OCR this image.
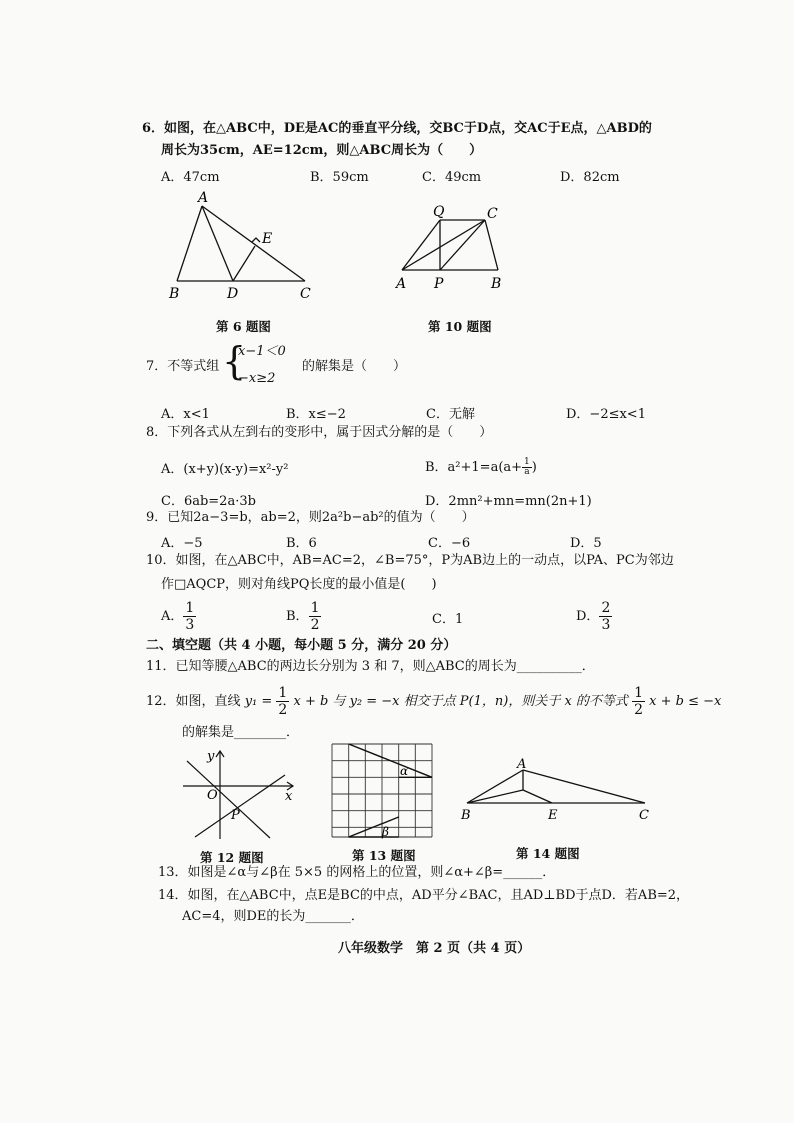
6．如图，在△ABC中，DE是AC的垂直平分线，交BC于D点，交AC于E点，△ABD的
周长为35cm，AE=12cm，则△ABC周长为（　　）
A．47cm	B．59cm	C．49cm	D．82cm
A
E
B	D	C
第 6 题图
Q	C
A P	B
第 10 题图
7．不等式组 {
x−1＜0
−x≥2
的解集是（　　）
A．x<1	B．x≤−2	C．无解	D．−2≤x<1
8．下列各式从左到右的变形中，属于因式分解的是（　　）
A．(x+y)(x-y)=x²-y²	B．$a^2+1=a(a+ \frac{1}{a}$ )
C．6ab=2a·3b	D．2mn²+mn=mn(2n+1)
9．已知2a−3=b，ab=2，则2a²b−ab²的值为（　　）
A．−5	B．6	C．−6	D．5
10．如图，在△ABC中，AB=AC=2，∠B=75°，P为AB边上的一动点，以PA、PC为邻边
作□AQCP，则对角线PQ长度的最小值是(　　)
A． $\frac{1}{3}$	B． $\frac{1}{2}$	C．1	D． $\frac{2}{3}$
二、填空题（共 4 小题，每小题 5 分，满分 20 分）
11．已知等腰△ABC的两边长分别为 3 和 7，则△ABC的周长为__________．
12．如图，直线 $y_1 = \frac{1}{2}$ x + b 与 y₂ = −x 相交于点 P(1，n)，则关于 x 的不等式 $\frac{1}{2}$ x + b ≤ −x
的解集是________．
y
x
O
P
第 12 题图
α
β
第 13 题图
A
B	E	C
第 14 题图
13．如图是∠α与∠β在 5×5 的网格上的位置，则∠α+∠β=______．
14．如图，在△ABC中，点E是BC的中点，AD平分∠BAC，且AD⊥BD于点D．若AB=2，
AC=4，则DE的长为_______．
八年级数学　第 2 页（共 4 页）
